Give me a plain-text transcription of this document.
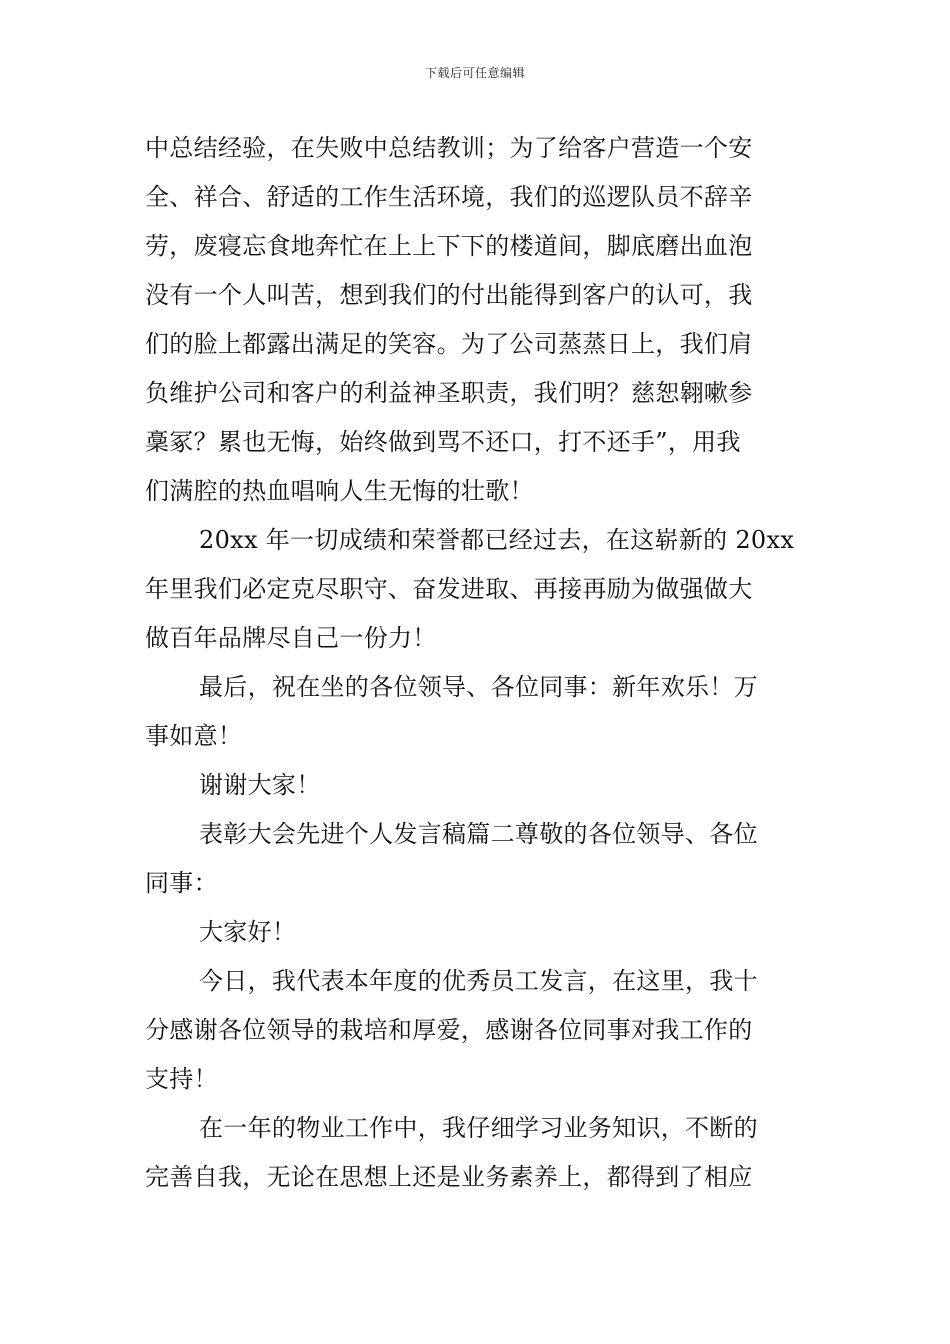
下载后可任意编辑
中总结经验，在失败中总结教训；为了给客户营造一个安
全、祥合、舒适的工作生活环境，我们的巡逻队员不辞辛
劳，废寝忘食地奔忙在上上下下的楼道间，脚底磨出血泡
没有一个人叫苦，想到我们的付出能得到客户的认可，我
们的脸上都露出满足的笑容。为了公司蒸蒸日上，我们肩
负维护公司和客户的利益神圣职责，我们明？慈恕翱嗽参
稾冢？累也无悔，始终做到骂不还口，打不还手”，用我
们满腔的热血唱响人生无悔的壮歌！
20xx 年一切成绩和荣誉都已经过去，在这崭新的 20xx
年里我们必定克尽职守、奋发进取、再接再励为做强做大
做百年品牌尽自己一份力！
最后，祝在坐的各位领导、各位同事：新年欢乐！万
事如意！
谢谢大家！
表彰大会先进个人发言稿篇二尊敬的各位领导、各位
同事：
大家好！
今日，我代表本年度的优秀员工发言，在这里，我十
分感谢各位领导的栽培和厚爱，感谢各位同事对我工作的
支持！
在一年的物业工作中，我仔细学习业务知识，不断的
完善自我，无论在思想上还是业务素养上，都得到了相应
